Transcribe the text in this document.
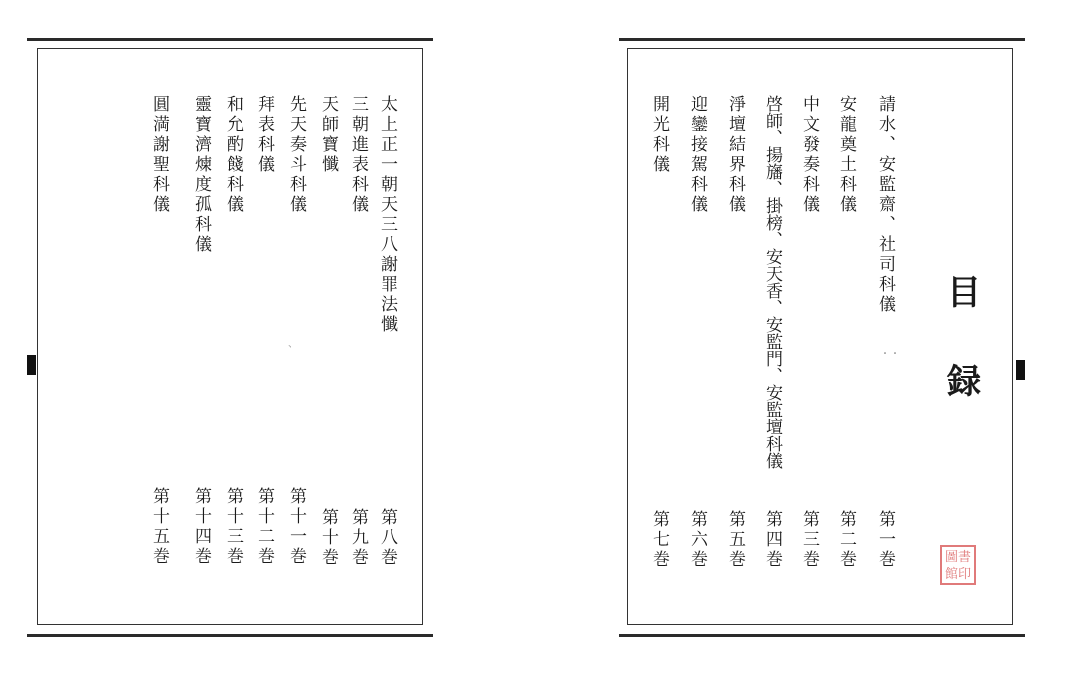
太上正一朝天三八謝罪法懺
第八巻
三朝進表科儀
第九巻
天師寶懺
第十巻
先天奏斗科儀
第十一巻
拜表科儀
第十二巻
和允酌餞科儀
第十三巻
靈寶濟煉度孤科儀
第十四巻
圓満謝聖科儀
第十五巻
、
目
録
請水、安監齋、社司科儀
第一巻
安龍奠土科儀
第二巻
中文發奏科儀
第三巻
啓師、揚旛、掛榜、安天香、安監門、安監壇科儀
第四巻
淨壇結界科儀
第五巻
迎鑾接駕科儀
第六巻
開光科儀
第七巻	圖書
館印
・・
